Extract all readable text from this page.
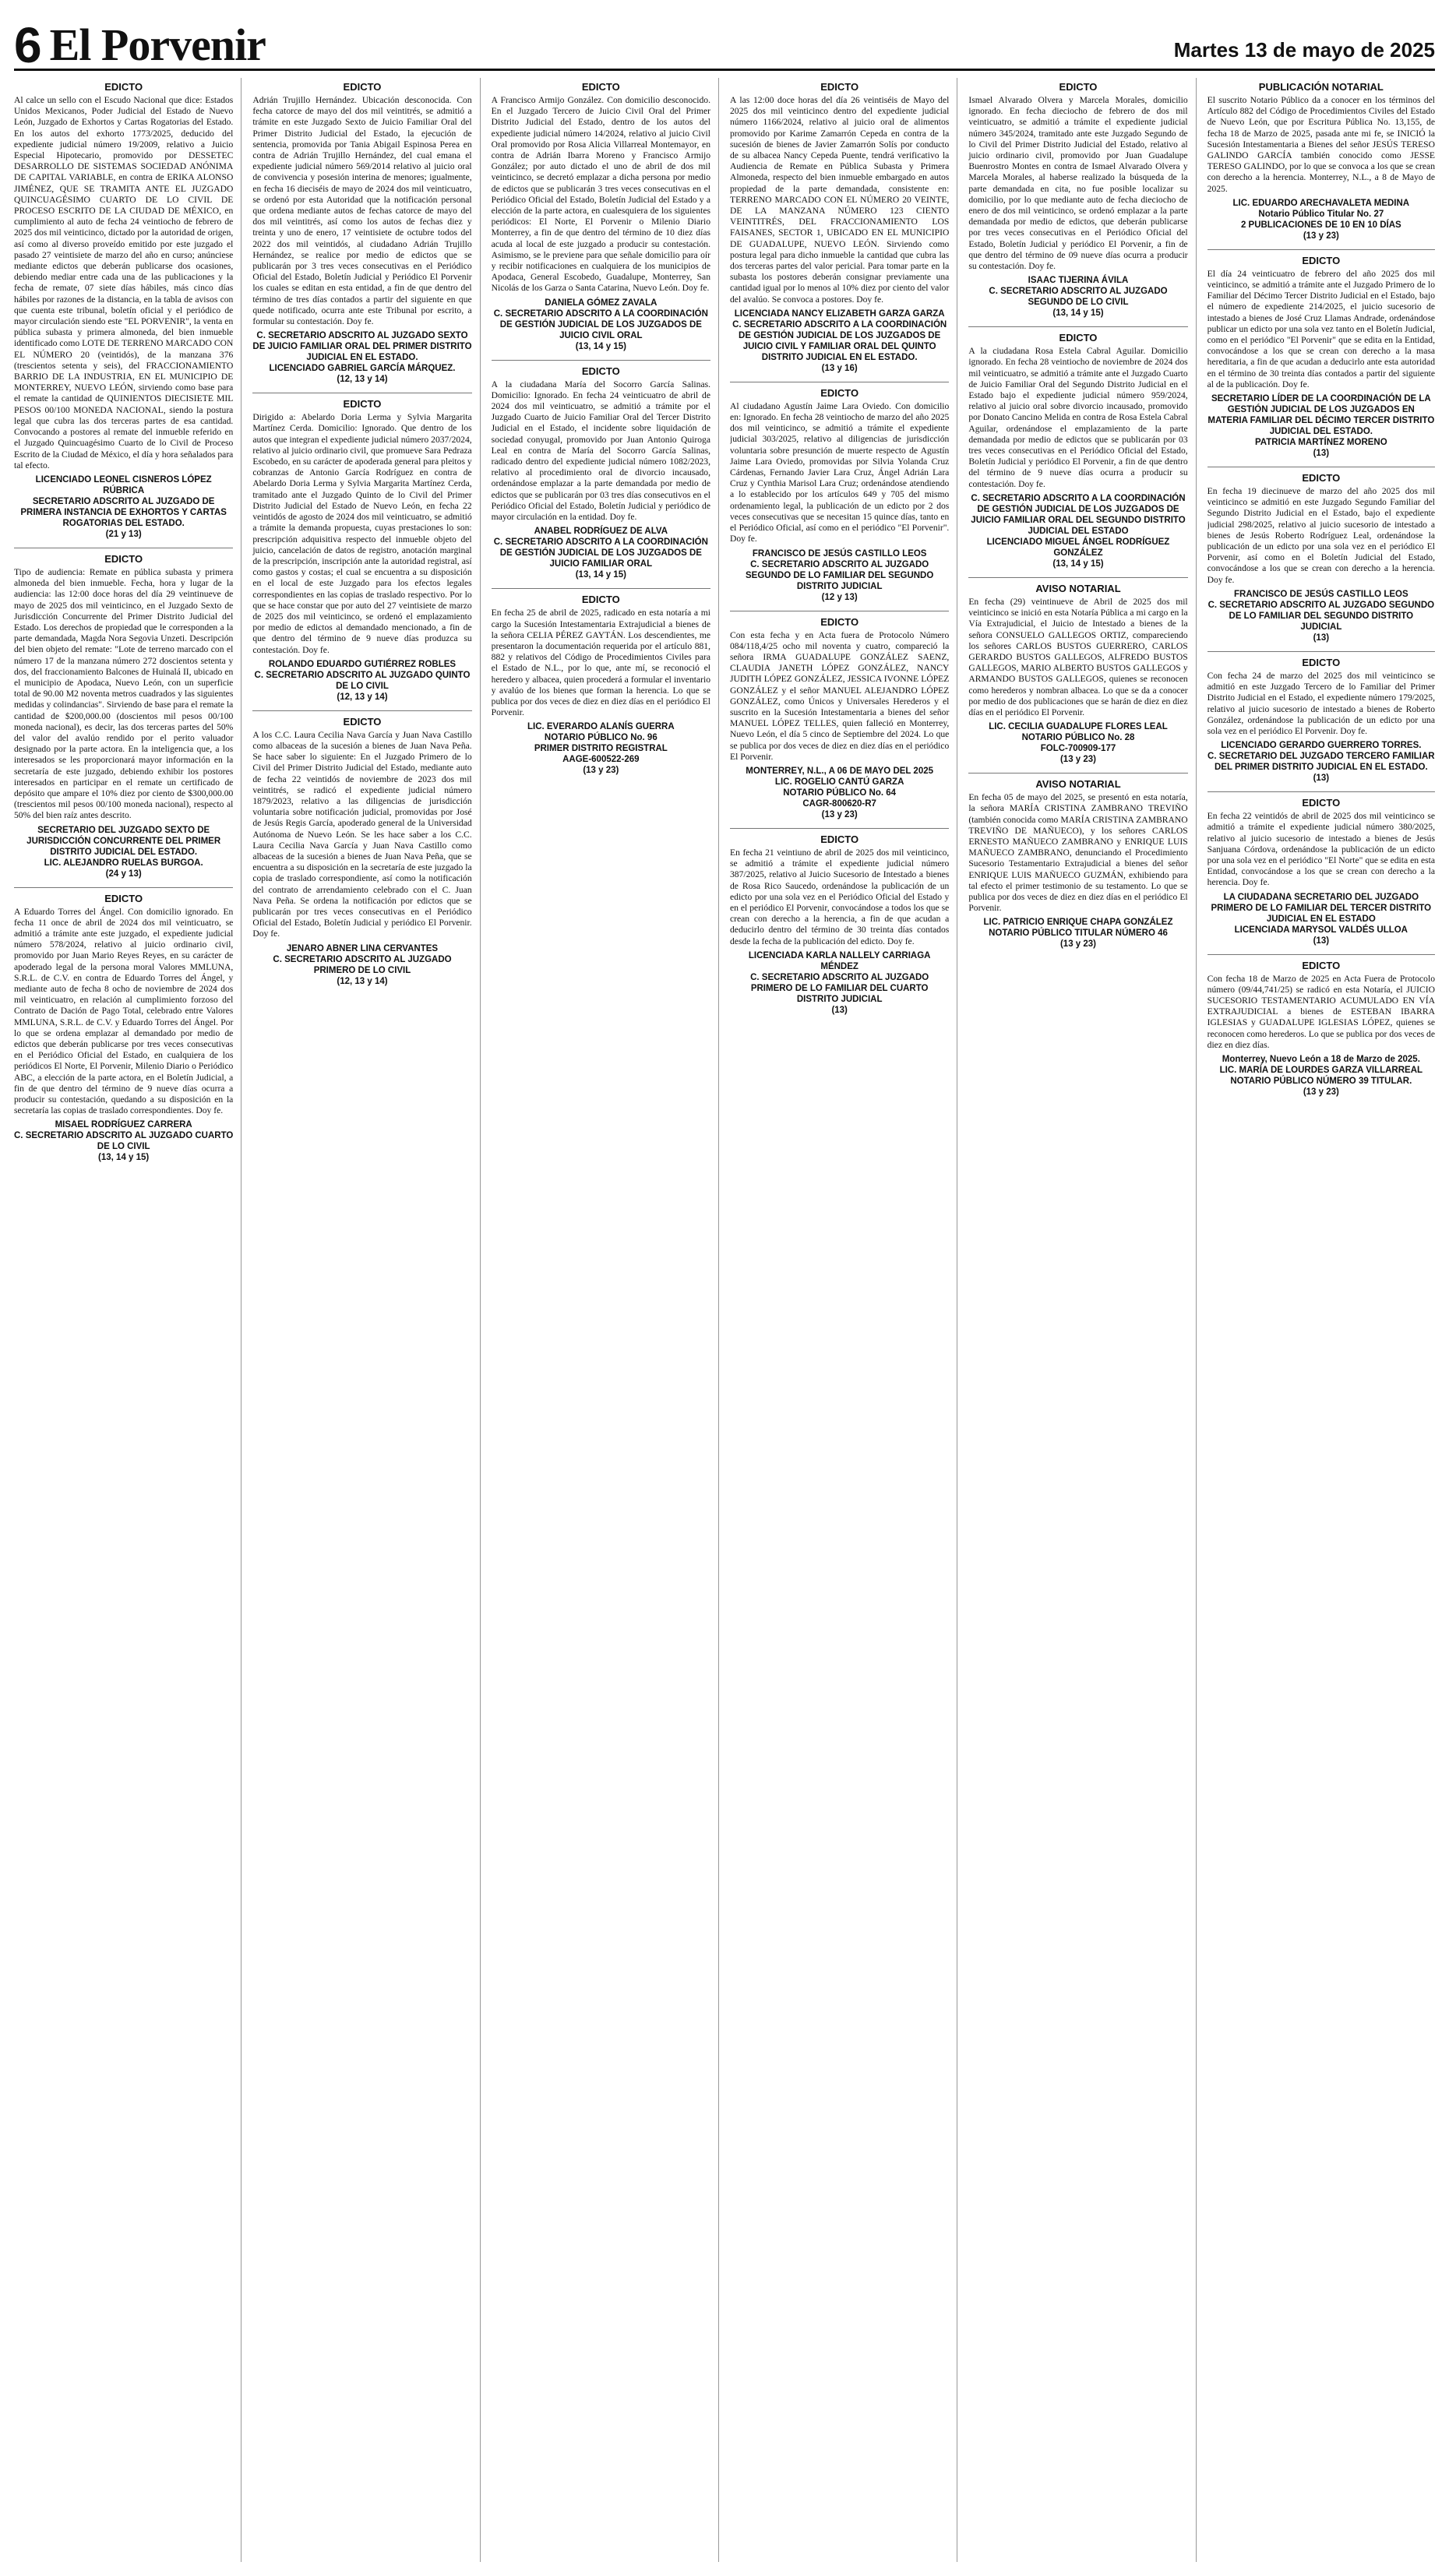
6 El Porvenir	Martes 13 de mayo de 2025
EDICTO

Al calce un sello con el Escudo Nacional que dice: Estados Unidos Mexicanos, Poder Judicial del Estado de Nuevo León, Juzgado de Exhortos y Cartas Rogatorias del Estado. En los autos del exhorto 1773/2025, deducido del expediente judicial número 19/2009, relativo a Juicio Especial Hipotecario, promovido por DESSETEC DESARROLLO DE SISTEMAS SOCIEDAD ANÓNIMA DE CAPITAL VARIABLE, en contra de ERIKA ALONSO JIMÉNEZ, QUE SE TRAMITA ANTE EL JUZGADO QUINCUAGÉSIMO CUARTO DE LO CIVIL DE PROCESO ESCRITO DE LA CIUDAD DE MÉXICO, en cumplimiento al auto de fecha 24 veintiocho de febrero de 2025 dos mil veinticinco, dictado por la autoridad de origen, así como al diverso proveído emitido por este juzgado el pasado 27 veintisiete de marzo del año en curso; anúnciese mediante edictos que deberán publicarse dos ocasiones, debiendo mediar entre cada una de las publicaciones y la fecha de remate, 07 siete días hábiles, más cinco días hábiles por razones de la distancia, en la tabla de avisos con que cuenta este tribunal, boletín oficial y el periódico de mayor circulación siendo este "EL PORVENIR", la venta en pública subasta y primera almoneda, del bien inmueble identificado como LOTE DE TERRENO MARCADO CON EL NÚMERO 20 (veintidós), de la manzana 376 (trescientos setenta y seis), del FRACCIONAMIENTO BARRIO DE LA INDUSTRIA, EN EL MUNICIPIO DE MONTERREY, NUEVO LEÓN, sirviendo como base para el remate la cantidad de QUINIENTOS DIECISIETE MIL PESOS 00/100 MONEDA NACIONAL, siendo la postura legal que cubra las dos terceras partes de esa cantidad. Convocando a postores al remate del inmueble referido en el Juzgado Quincuagésimo Cuarto de lo Civil de Proceso Escrito de la Ciudad de México, el día y hora señalados para tal efecto.

LICENCIADO LEONEL CISNEROS LÓPEZ RÚBRICA
SECRETARIO ADSCRITO AL JUZGADO DE PRIMERA INSTANCIA DE EXHORTOS Y CARTAS ROGATORIAS DEL ESTADO.
(21 y 13)

EDICTO

Tipo de audiencia: Remate en pública subasta y primera almoneda del bien inmueble. Fecha, hora y lugar de la audiencia: las 12:00 doce horas del día 29 veintinueve de mayo de 2025 dos mil veinticinco, en el Juzgado Sexto de Jurisdicción Concurrente del Primer Distrito Judicial del Estado. Los derechos de propiedad que le corresponden a la parte demandada, Magda Nora Segovia Unzeti. Descripción del bien objeto del remate: "Lote de terreno marcado con el número 17 de la manzana número 272 doscientos setenta y dos, del fraccionamiento Balcones de Huinalá II, ubicado en el municipio de Apodaca, Nuevo León, con un superficie total de 90.00 M2 noventa metros cuadrados y las siguientes medidas y colindancias". Sirviendo de base para el remate la cantidad de $200,000.00 (doscientos mil pesos 00/100 moneda nacional), es decir, las dos terceras partes del 50% del valor del avalúo rendido por el perito valuador designado por la parte actora. En la inteligencia que, a los interesados se les proporcionará mayor información en la secretaría de este juzgado, debiendo exhibir los postores interesados en participar en el remate un certificado de depósito que ampare el 10% diez por ciento de $300,000.00 (trescientos mil pesos 00/100 moneda nacional), respecto al 50% del bien raíz antes descrito.

SECRETARIO DEL JUZGADO SEXTO DE JURISDICCIÓN CONCURRENTE DEL PRIMER DISTRITO JUDICIAL DEL ESTADO.
LIC. ALEJANDRO RUELAS BURGOA.
(24 y 13)

EDICTO

A Eduardo Torres del Ángel. Con domicilio ignorado. En fecha 11 once de abril de 2024 dos mil veinticuatro, se admitió a trámite ante este juzgado, el expediente judicial número 578/2024, relativo al juicio ordinario civil, promovido por Juan Mario Reyes Reyes, en su carácter de apoderado legal de la persona moral Valores MMLUNA, S.R.L. de C.V. en contra de Eduardo Torres del Ángel, y mediante auto de fecha 8 ocho de noviembre de 2024 dos mil veinticuatro, en relación al cumplimiento forzoso del Contrato de Dación de Pago Total, celebrado entre Valores MMLUNA, S.R.L. de C.V. y Eduardo Torres del Ángel. Por lo que se ordena emplazar al demandado por medio de edictos que deberán publicarse por tres veces consecutivas en el Periódico Oficial del Estado, en cualquiera de los periódicos El Norte, El Porvenir, Milenio Diario o Periódico ABC, a elección de la parte actora, en el Boletín Judicial, a fin de que dentro del término de 9 nueve días ocurra a producir su contestación, quedando a su disposición en la secretaría las copias de traslado correspondientes. Doy fe.

MISAEL RODRÍGUEZ CARRERA
C. SECRETARIO ADSCRITO AL JUZGADO CUARTO DE LO CIVIL
(13, 14 y 15)

EDICTO

Adrián Trujillo Hernández. Ubicación desconocida. Con fecha catorce de mayo del dos mil veintitrés, se admitió a trámite en este Juzgado Sexto de Juicio Familiar Oral del Primer Distrito Judicial del Estado, la ejecución de sentencia, promovida por Tania Abigail Espinosa Perea en contra de Adrián Trujillo Hernández, del cual emana el expediente judicial número 569/2014 relativo al juicio oral de convivencia y posesión interina de menores; igualmente, en fecha 16 dieciséis de mayo de 2024 dos mil veinticuatro, se ordenó por esta Autoridad que la notificación personal que ordena mediante autos de fechas catorce de mayo del dos mil veintitrés, así como los autos de fechas diez y treinta y uno de enero, 17 veintisiete de octubre todos del 2022 dos mil veintidós, al ciudadano Adrián Trujillo Hernández, se realice por medio de edictos que se publicarán por 3 tres veces consecutivas en el Periódico Oficial del Estado, Boletín Judicial y Periódico El Porvenir los cuales se editan en esta entidad, a fin de que dentro del término de tres días contados a partir del siguiente en que quede notificado, ocurra ante este Tribunal por escrito, a formular su contestación. Doy fe.

C. SECRETARIO ADSCRITO AL JUZGADO SEXTO DE JUICIO FAMILIAR ORAL DEL PRIMER DISTRITO JUDICIAL EN EL ESTADO.
LICENCIADO GABRIEL GARCÍA MÁRQUEZ.
(12, 13 y 14)

EDICTO

Dirigido a: Abelardo Doria Lerma y Sylvia Margarita Martínez Cerda. Domicilio: Ignorado. Que dentro de los autos que integran el expediente judicial número 2037/2024, relativo al juicio ordinario civil, que promueve Sara Pedraza Escobedo, en su carácter de apoderada general para pleitos y cobranzas de Antonio García Rodríguez en contra de Abelardo Doria Lerma y Sylvia Margarita Martínez Cerda, tramitado ante el Juzgado Quinto de lo Civil del Primer Distrito Judicial del Estado de Nuevo León, en fecha 22 veintidós de agosto de 2024 dos mil veinticuatro, se admitió a trámite la demanda propuesta, cuyas prestaciones lo son: prescripción adquisitiva respecto del inmueble objeto del juicio, cancelación de datos de registro, anotación marginal de la prescripción, inscripción ante la autoridad registral, así como gastos y costas; el cual se encuentra a su disposición en el local de este Juzgado para los efectos legales correspondientes en las copias de traslado respectivo. Por lo que se hace constar que por auto del 27 veintisiete de marzo de 2025 dos mil veinticinco, se ordenó el emplazamiento por medio de edictos al demandado mencionado, a fin de que dentro del término de 9 nueve días produzca su contestación. Doy fe.

ROLANDO EDUARDO GUTIÉRREZ ROBLES
C. SECRETARIO ADSCRITO AL JUZGADO QUINTO DE LO CIVIL
(12, 13 y 14)

EDICTO

A los C.C. Laura Cecilia Nava García y Juan Nava Castillo como albaceas de la sucesión a bienes de Juan Nava Peña. Se hace saber lo siguiente: En el Juzgado Primero de lo Civil del Primer Distrito Judicial del Estado, mediante auto de fecha 22 veintidós de noviembre de 2023 dos mil veintitrés, se radicó el expediente judicial número 1879/2023, relativo a las diligencias de jurisdicción voluntaria sobre notificación judicial, promovidas por José de Jesús Regis García, apoderado general de la Universidad Autónoma de Nuevo León. Se les hace saber a los C.C. Laura Cecilia Nava García y Juan Nava Castillo como albaceas de la sucesión a bienes de Juan Nava Peña, que se encuentra a su disposición en la secretaría de este juzgado la copia de traslado correspondiente, así como la notificación del contrato de arrendamiento celebrado con el C. Juan Nava Peña. Se ordena la notificación por edictos que se publicarán por tres veces consecutivas en el Periódico Oficial del Estado, Boletín Judicial y periódico El Porvenir. Doy fe.

JENARO ABNER LINA CERVANTES
C. SECRETARIO ADSCRITO AL JUZGADO PRIMERO DE LO CIVIL
(12, 13 y 14)

EDICTO

A Francisco Armijo González. Con domicilio desconocido. En el Juzgado Tercero de Juicio Civil Oral del Primer Distrito Judicial del Estado, dentro de los autos del expediente judicial número 14/2024, relativo al juicio Civil Oral promovido por Rosa Alicia Villarreal Montemayor, en contra de Adrián Ibarra Moreno y Francisco Armijo González; por auto dictado el uno de abril de dos mil veinticinco, se decretó emplazar a dicha persona por medio de edictos que se publicarán 3 tres veces consecutivas en el Periódico Oficial del Estado, Boletín Judicial del Estado y a elección de la parte actora, en cualesquiera de los siguientes periódicos: El Norte, El Porvenir o Milenio Diario Monterrey, a fin de que dentro del término de 10 diez días acuda al local de este juzgado a producir su contestación. Asimismo, se le previene para que señale domicilio para oír y recibir notificaciones en cualquiera de los municipios de Apodaca, General Escobedo, Guadalupe, Monterrey, San Nicolás de los Garza o Santa Catarina, Nuevo León. Doy fe.

DANIELA GÓMEZ ZAVALA
C. SECRETARIO ADSCRITO A LA COORDINACIÓN DE GESTIÓN JUDICIAL DE LOS JUZGADOS DE JUICIO CIVIL ORAL
(13, 14 y 15)

EDICTO

A la ciudadana María del Socorro García Salinas. Domicilio: Ignorado. En fecha 24 veinticuatro de abril de 2024 dos mil veinticuatro, se admitió a trámite por el Juzgado Cuarto de Juicio Familiar Oral del Tercer Distrito Judicial en el Estado, el incidente sobre liquidación de sociedad conyugal, promovido por Juan Antonio Quiroga Leal en contra de María del Socorro García Salinas, radicado dentro del expediente judicial número 1082/2023, relativo al procedimiento oral de divorcio incausado, ordenándose emplazar a la parte demandada por medio de edictos que se publicarán por 03 tres días consecutivos en el Periódico Oficial del Estado, Boletín Judicial y periódico de mayor circulación en la entidad. Doy fe.

ANABEL RODRÍGUEZ DE ALVA
C. SECRETARIO ADSCRITO A LA COORDINACIÓN DE GESTIÓN JUDICIAL DE LOS JUZGADOS DE JUICIO FAMILIAR ORAL
(13, 14 y 15)

EDICTO

En fecha 25 de abril de 2025, radicado en esta notaría a mi cargo la Sucesión Intestamentaria Extrajudicial a bienes de la señora CELIA PÉREZ GAYTÁN. Los descendientes, me presentaron la documentación requerida por el artículo 881, 882 y relativos del Código de Procedimientos Civiles para el Estado de N.L., por lo que, ante mí, se reconoció el heredero y albacea, quien procederá a formular el inventario y avalúo de los bienes que forman la herencia. Lo que se publica por dos veces de diez en diez días en el periódico El Porvenir.

LIC. EVERARDO ALANÍS GUERRA
NOTARIO PÚBLICO No. 96
PRIMER DISTRITO REGISTRAL
AAGE-600522-269
(13 y 23)

EDICTO

A las 12:00 doce horas del día 26 veintiséis de Mayo del 2025 dos mil veinticinco dentro del expediente judicial número 1166/2024, relativo al juicio oral de alimentos promovido por Karime Zamarrón Cepeda en contra de la sucesión de bienes de Javier Zamarrón Solís por conducto de su albacea Nancy Cepeda Puente, tendrá verificativo la Audiencia de Remate en Pública Subasta y Primera Almoneda, respecto del bien inmueble embargado en autos propiedad de la parte demandada, consistente en: TERRENO MARCADO CON EL NÚMERO 20 VEINTE, DE LA MANZANA NÚMERO 123 CIENTO VEINTITRÉS, DEL FRACCIONAMIENTO LOS FAISANES, SECTOR 1, UBICADO EN EL MUNICIPIO DE GUADALUPE, NUEVO LEÓN. Sirviendo como postura legal para dicho inmueble la cantidad que cubra las dos terceras partes del valor pericial. Para tomar parte en la subasta los postores deberán consignar previamente una cantidad igual por lo menos al 10% diez por ciento del valor del avalúo. Se convoca a postores. Doy fe.

LICENCIADA NANCY ELIZABETH GARZA GARZA
C. SECRETARIO ADSCRITO A LA COORDINACIÓN DE GESTIÓN JUDICIAL DE LOS JUZGADOS DE JUICIO CIVIL Y FAMILIAR ORAL DEL QUINTO DISTRITO JUDICIAL EN EL ESTADO.
(13 y 16)

EDICTO

Al ciudadano Agustín Jaime Lara Oviedo. Con domicilio en: Ignorado. En fecha 28 veintiocho de marzo del año 2025 dos mil veinticinco, se admitió a trámite el expediente judicial 303/2025, relativo al diligencias de jurisdicción voluntaria sobre presunción de muerte respecto de Agustín Jaime Lara Oviedo, promovidas por Silvia Yolanda Cruz Cárdenas, Fernando Javier Lara Cruz, Ángel Adrián Lara Cruz y Cynthia Marisol Lara Cruz; ordenándose atendiendo a lo establecido por los artículos 649 y 705 del mismo ordenamiento legal, la publicación de un edicto por 2 dos veces consecutivas que se necesitan 15 quince días, tanto en el Periódico Oficial, así como en el periódico "El Porvenir". Doy fe.

FRANCISCO DE JESÚS CASTILLO LEOS
C. SECRETARIO ADSCRITO AL JUZGADO SEGUNDO DE LO FAMILIAR DEL SEGUNDO DISTRITO JUDICIAL
(12 y 13)

EDICTO

Con esta fecha y en Acta fuera de Protocolo Número 084/118,4/25 ocho mil noventa y cuatro, compareció la señora IRMA GUADALUPE GONZÁLEZ SAENZ, CLAUDIA JANETH LÓPEZ GONZÁLEZ, NANCY JUDITH LÓPEZ GONZÁLEZ, JESSICA IVONNE LÓPEZ GONZÁLEZ y el señor MANUEL ALEJANDRO LÓPEZ GONZÁLEZ, como Únicos y Universales Herederos y el suscrito en la Sucesión Intestamentaria a bienes del señor MANUEL LÓPEZ TELLES, quien falleció en Monterrey, Nuevo León, el día 5 cinco de Septiembre del 2024. Lo que se publica por dos veces de diez en diez días en el periódico El Porvenir.

MONTERREY, N.L., A 06 DE MAYO DEL 2025
LIC. ROGELIO CANTÚ GARZA
NOTARIO PÚBLICO No. 64
CAGR-800620-R7
(13 y 23)

EDICTO

En fecha 21 veintiuno de abril de 2025 dos mil veinticinco, se admitió a trámite el expediente judicial número 387/2025, relativo al Juicio Sucesorio de Intestado a bienes de Rosa Rico Saucedo, ordenándose la publicación de un edicto por una sola vez en el Periódico Oficial del Estado y en el periódico El Porvenir, convocándose a todos los que se crean con derecho a la herencia, a fin de que acudan a deducirlo dentro del término de 30 treinta días contados desde la fecha de la publicación del edicto. Doy fe.

LICENCIADA KARLA NALLELY CARRIAGA MÉNDEZ
C. SECRETARIO ADSCRITO AL JUZGADO PRIMERO DE LO FAMILIAR DEL CUARTO DISTRITO JUDICIAL
(13)

EDICTO

Ismael Alvarado Olvera y Marcela Morales, domicilio ignorado. En fecha dieciocho de febrero de dos mil veinticuatro, se admitió a trámite el expediente judicial número 345/2024, tramitado ante este Juzgado Segundo de lo Civil del Primer Distrito Judicial del Estado, relativo al juicio ordinario civil, promovido por Juan Guadalupe Buenrostro Montes en contra de Ismael Alvarado Olvera y Marcela Morales, al haberse realizado la búsqueda de la parte demandada en cita, no fue posible localizar su domicilio, por lo que mediante auto de fecha dieciocho de enero de dos mil veinticinco, se ordenó emplazar a la parte demandada por medio de edictos, que deberán publicarse por tres veces consecutivas en el Periódico Oficial del Estado, Boletín Judicial y periódico El Porvenir, a fin de que dentro del término de 09 nueve días ocurra a producir su contestación. Doy fe.

ISAAC TIJERINA ÁVILA
C. SECRETARIO ADSCRITO AL JUZGADO SEGUNDO DE LO CIVIL
(13, 14 y 15)

EDICTO

A la ciudadana Rosa Estela Cabral Aguilar. Domicilio ignorado. En fecha 28 veintiocho de noviembre de 2024 dos mil veinticuatro, se admitió a trámite ante el Juzgado Cuarto de Juicio Familiar Oral del Segundo Distrito Judicial en el Estado bajo el expediente judicial número 959/2024, relativo al juicio oral sobre divorcio incausado, promovido por Donato Cancino Melida en contra de Rosa Estela Cabral Aguilar, ordenándose el emplazamiento de la parte demandada por medio de edictos que se publicarán por 03 tres veces consecutivas en el Periódico Oficial del Estado, Boletín Judicial y periódico El Porvenir, a fin de que dentro del término de 9 nueve días ocurra a producir su contestación. Doy fe.

C. SECRETARIO ADSCRITO A LA COORDINACIÓN DE GESTIÓN JUDICIAL DE LOS JUZGADOS DE JUICIO FAMILIAR ORAL DEL SEGUNDO DISTRITO JUDICIAL DEL ESTADO
LICENCIADO MIGUEL ÁNGEL RODRÍGUEZ GONZÁLEZ
(13, 14 y 15)

AVISO NOTARIAL

En fecha (29) veintinueve de Abril de 2025 dos mil veinticinco se inició en esta Notaría Pública a mi cargo en la Vía Extrajudicial, el Juicio de Intestado a bienes de la señora CONSUELO GALLEGOS ORTIZ, compareciendo los señores CARLOS BUSTOS GUERRERO, CARLOS GERARDO BUSTOS GALLEGOS, ALFREDO BUSTOS GALLEGOS, MARIO ALBERTO BUSTOS GALLEGOS y ARMANDO BUSTOS GALLEGOS, quienes se reconocen como herederos y nombran albacea. Lo que se da a conocer por medio de dos publicaciones que se harán de diez en diez días en el periódico El Porvenir.

LIC. CECILIA GUADALUPE FLORES LEAL
NOTARIO PÚBLICO No. 28
FOLC-700909-177
(13 y 23)

AVISO NOTARIAL

En fecha 05 de mayo del 2025, se presentó en esta notaría, la señora MARÍA CRISTINA ZAMBRANO TREVIÑO (también conocida como MARÍA CRISTINA ZAMBRANO TREVIÑO DE MAÑUECO), y los señores CARLOS ERNESTO MAÑUECO ZAMBRANO y ENRIQUE LUIS MAÑUECO ZAMBRANO, denunciando el Procedimiento Sucesorio Testamentario Extrajudicial a bienes del señor ENRIQUE LUIS MAÑUECO GUZMÁN, exhibiendo para tal efecto el primer testimonio de su testamento. Lo que se publica por dos veces de diez en diez días en el periódico El Porvenir.

LIC. PATRICIO ENRIQUE CHAPA GONZÁLEZ
NOTARIO PÚBLICO TITULAR NÚMERO 46
(13 y 23)

PUBLICACIÓN NOTARIAL

El suscrito Notario Público da a conocer en los términos del Artículo 882 del Código de Procedimientos Civiles del Estado de Nuevo León, que por Escritura Pública No. 13,155, de fecha 18 de Marzo de 2025, pasada ante mi fe, se INICIÓ la Sucesión Intestamentaria a Bienes del señor JESÚS TERESO GALINDO GARCÍA también conocido como JESSE TERESO GALINDO, por lo que se convoca a los que se crean con derecho a la herencia. Monterrey, N.L., a 8 de Mayo de 2025.

LIC. EDUARDO ARECHAVALETA MEDINA
Notario Público Titular No. 27
2 PUBLICACIONES DE 10 EN 10 DÍAS
(13 y 23)

EDICTO

El día 24 veinticuatro de febrero del año 2025 dos mil veinticinco, se admitió a trámite ante el Juzgado Primero de lo Familiar del Décimo Tercer Distrito Judicial en el Estado, bajo el número de expediente 214/2025, el juicio sucesorio de intestado a bienes de José Cruz Llamas Andrade, ordenándose publicar un edicto por una sola vez tanto en el Boletín Judicial, como en el periódico "El Porvenir" que se edita en la Entidad, convocándose a los que se crean con derecho a la masa hereditaria, a fin de que acudan a deducirlo ante esta autoridad en el término de 30 treinta días contados a partir del siguiente al de la publicación. Doy fe.

SECRETARIO LÍDER DE LA COORDINACIÓN DE LA GESTIÓN JUDICIAL DE LOS JUZGADOS EN MATERIA FAMILIAR DEL DÉCIMO TERCER DISTRITO JUDICIAL DEL ESTADO.
PATRICIA MARTÍNEZ MORENO
(13)

EDICTO

En fecha 19 diecinueve de marzo del año 2025 dos mil veinticinco se admitió en este Juzgado Segundo Familiar del Segundo Distrito Judicial en el Estado, bajo el expediente judicial 298/2025, relativo al juicio sucesorio de intestado a bienes de Jesús Roberto Rodríguez Leal, ordenándose la publicación de un edicto por una sola vez en el periódico El Porvenir, así como en el Boletín Judicial del Estado, convocándose a los que se crean con derecho a la herencia. Doy fe.

FRANCISCO DE JESÚS CASTILLO LEOS
C. SECRETARIO ADSCRITO AL JUZGADO SEGUNDO DE LO FAMILIAR DEL SEGUNDO DISTRITO JUDICIAL
(13)

EDICTO

Con fecha 24 de marzo del 2025 dos mil veinticinco se admitió en este Juzgado Tercero de lo Familiar del Primer Distrito Judicial en el Estado, el expediente número 179/2025, relativo al juicio sucesorio de intestado a bienes de Roberto González, ordenándose la publicación de un edicto por una sola vez en el periódico El Porvenir. Doy fe.

LICENCIADO GERARDO GUERRERO TORRES.
C. SECRETARIO DEL JUZGADO TERCERO FAMILIAR DEL PRIMER DISTRITO JUDICIAL EN EL ESTADO.
(13)

EDICTO

En fecha 22 veintidós de abril de 2025 dos mil veinticinco se admitió a trámite el expediente judicial número 380/2025, relativo al juicio sucesorio de intestado a bienes de Jesús Sanjuana Córdova, ordenándose la publicación de un edicto por una sola vez en el periódico "El Norte" que se edita en esta Entidad, convocándose a los que se crean con derecho a la herencia. Doy fe.

LA CIUDADANA SECRETARIO DEL JUZGADO PRIMERO DE LO FAMILIAR DEL TERCER DISTRITO JUDICIAL EN EL ESTADO
LICENCIADA MARYSOL VALDÉS ULLOA
(13)

EDICTO

Con fecha 18 de Marzo de 2025 en Acta Fuera de Protocolo número (09/44,741/25) se radicó en esta Notaría, el JUICIO SUCESORIO TESTAMENTARIO ACUMULADO EN VÍA EXTRAJUDICIAL a bienes de ESTEBAN IBARRA IGLESIAS y GUADALUPE IGLESIAS LÓPEZ, quienes se reconocen como herederos. Lo que se publica por dos veces de diez en diez días.

Monterrey, Nuevo León a 18 de Marzo de 2025.
LIC. MARÍA DE LOURDES GARZA VILLARREAL
NOTARIO PÚBLICO NÚMERO 39 TITULAR.
(13 y 23)
